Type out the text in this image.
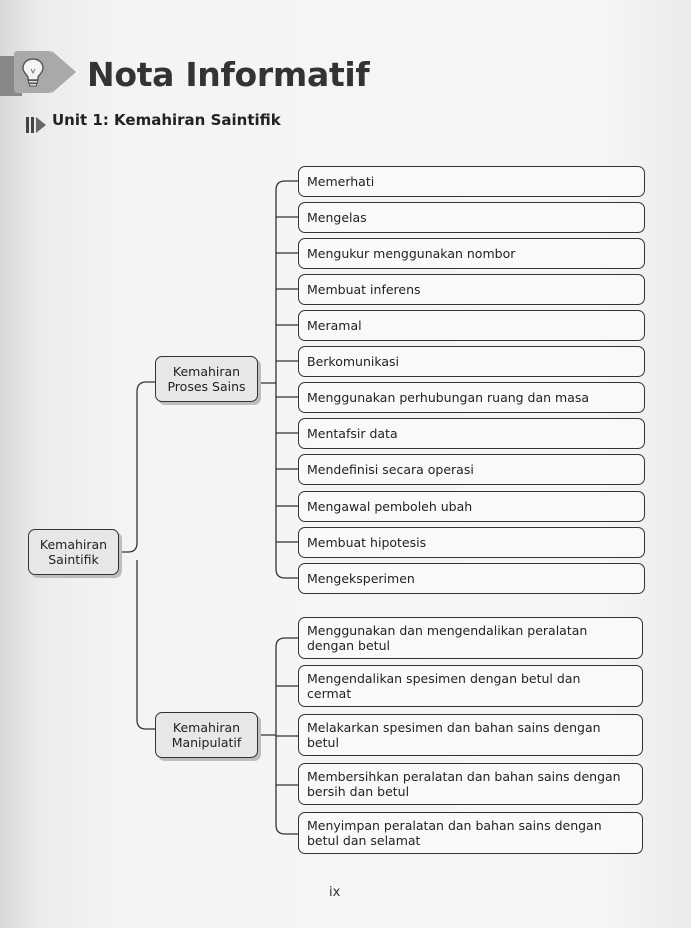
Nota Informatif
Unit 1: Kemahiran Saintifik
Kemahiran
Saintifik
Kemahiran
Proses Sains
Kemahiran
Manipulatif
Memerhati
Mengelas
Mengukur menggunakan nombor
Membuat inferens
Meramal
Berkomunikasi
Menggunakan perhubungan ruang dan masa
Mentafsir data
Mendefinisi secara operasi
Mengawal pemboleh ubah
Membuat hipotesis
Mengeksperimen
Menggunakan dan mengendalikan peralatan
dengan betul
Mengendalikan spesimen dengan betul dan
cermat
Melakarkan spesimen dan bahan sains dengan
betul
Membersihkan peralatan dan bahan sains dengan
bersih dan betul
Menyimpan peralatan dan bahan sains dengan
betul dan selamat
ix
